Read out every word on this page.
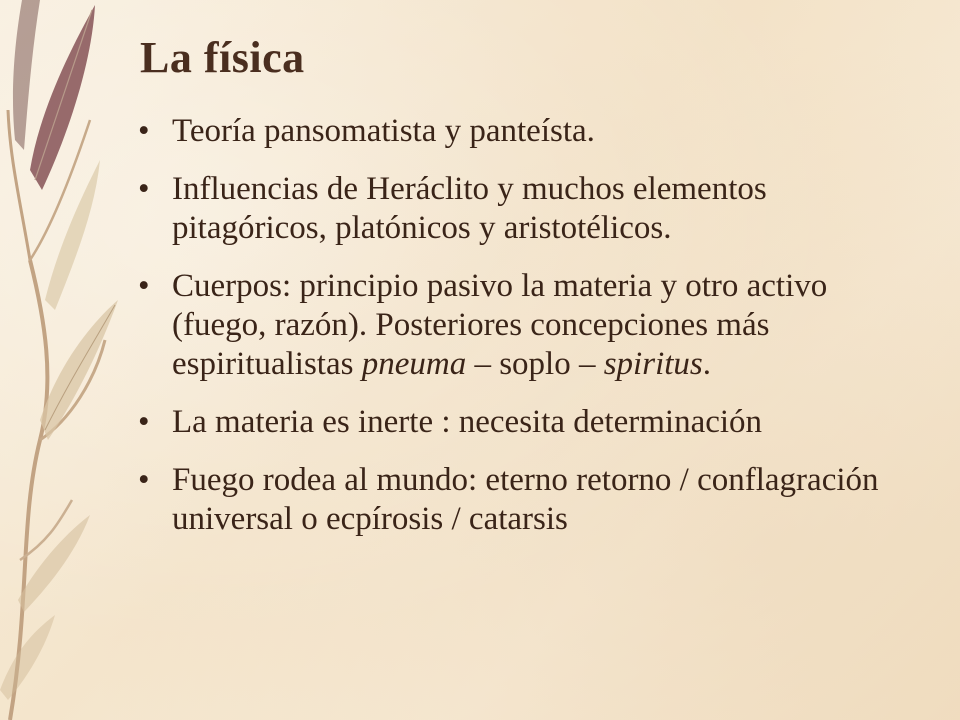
La física
• Teoría pansomatista y panteísta.
• Influencias de Heráclito y muchos elementos pitagóricos, platónicos y aristotélicos.
• Cuerpos: principio pasivo la materia y otro activo (fuego, razón). Posteriores concepciones más espiritualistas pneuma – soplo – spiritus.
• La materia es inerte : necesita determinación
• Fuego rodea al mundo: eterno retorno / conflagración universal o ecpírosis / catarsis
